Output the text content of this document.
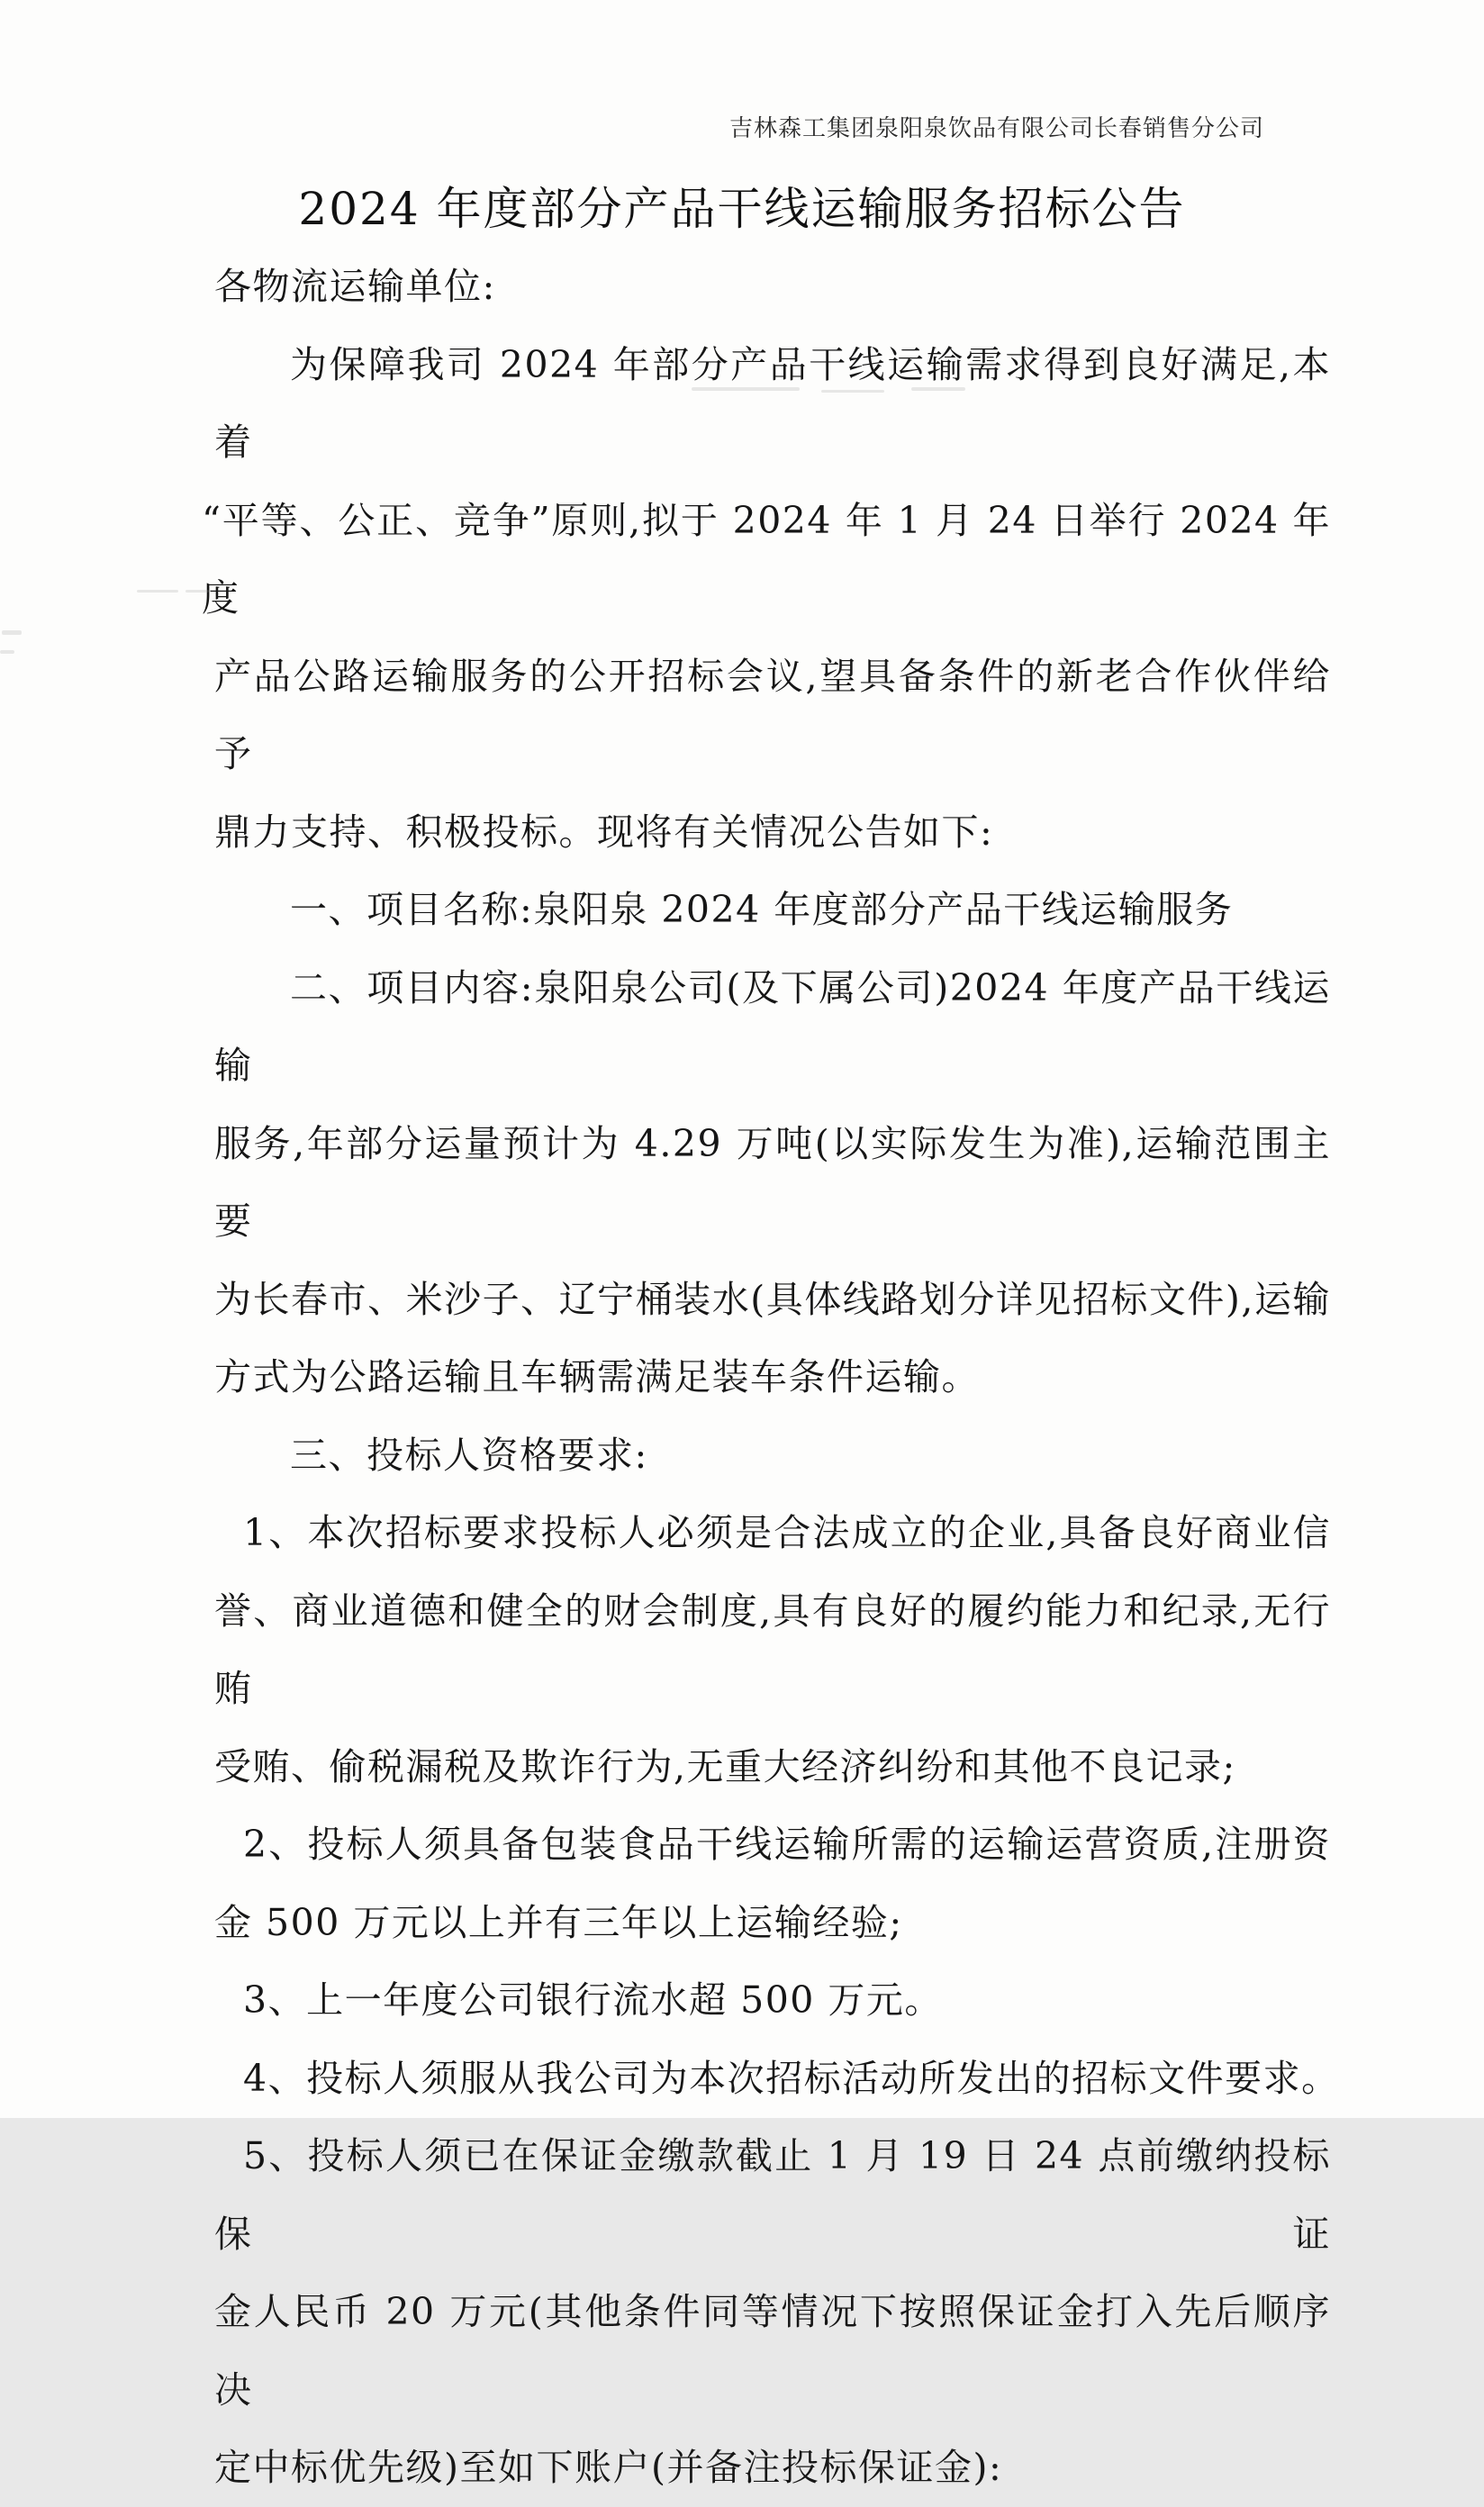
吉林森工集团泉阳泉饮品有限公司长春销售分公司
2024 年度部分产品干线运输服务招标公告
各物流运输单位:
为保障我司 2024 年部分产品干线运输需求得到良好满足,本着
“平等、公正、竞争”原则,拟于 2024 年 1 月 24 日举行 2024 年度
产品公路运输服务的公开招标会议,望具备条件的新老合作伙伴给予
鼎力支持、积极投标。现将有关情况公告如下:
一、项目名称:泉阳泉 2024 年度部分产品干线运输服务
二、项目内容:泉阳泉公司(及下属公司)2024 年度产品干线运输
服务,年部分运量预计为 4.29 万吨(以实际发生为准),运输范围主要
为长春市、米沙子、辽宁桶装水(具体线路划分详见招标文件),运输
方式为公路运输且车辆需满足装车条件运输。
三、投标人资格要求:
1、本次招标要求投标人必须是合法成立的企业,具备良好商业信
誉、商业道德和健全的财会制度,具有良好的履约能力和纪录,无行贿
受贿、偷税漏税及欺诈行为,无重大经济纠纷和其他不良记录;
2、投标人须具备包装食品干线运输所需的运输运营资质,注册资
金 500 万元以上并有三年以上运输经验;
3、上一年度公司银行流水超 500 万元。
4、投标人须服从我公司为本次招标活动所发出的招标文件要求。
5、投标人须已在保证金缴款截止 1 月 19 日 24 点前缴纳投标保证
金人民币 20 万元(其他条件同等情况下按照保证金打入先后顺序决
定中标优先级)至如下账户(并备注投标保证金):
